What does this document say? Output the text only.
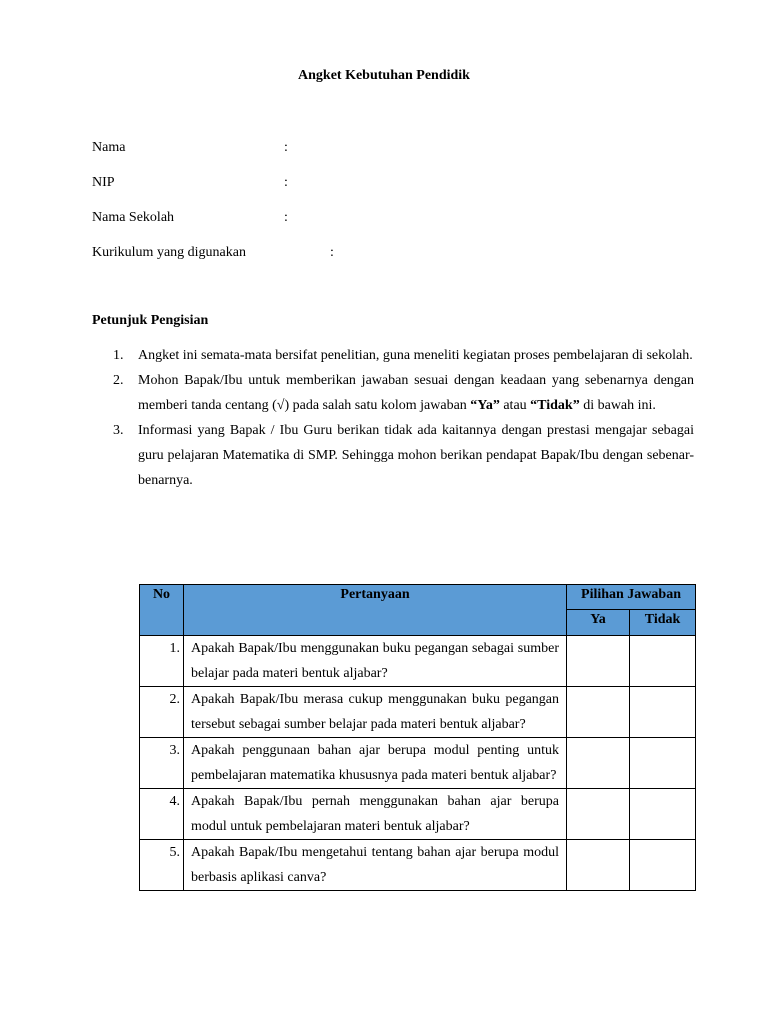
Angket Kebutuhan Pendidik
Nama	:
NIP	:
Nama Sekolah	:
Kurikulum yang digunakan	:
Petunjuk Pengisian
1. Angket ini semata-mata bersifat penelitian, guna meneliti kegiatan proses pembelajaran di sekolah.
2. Mohon Bapak/Ibu untuk memberikan jawaban sesuai dengan keadaan yang sebenarnya dengan memberi tanda centang (√) pada salah satu kolom jawaban “Ya” atau “Tidak” di bawah ini.
3. Informasi yang Bapak / Ibu Guru berikan tidak ada kaitannya dengan prestasi mengajar sebagai guru pelajaran Matematika di SMP. Sehingga mohon berikan pendapat Bapak/Ibu dengan sebenar-benarnya.
No	Pertanyaan	Pilihan Jawaban	
		Ya	Tidak
1.	Apakah Bapak/Ibu menggunakan buku pegangan sebagai sumber belajar pada materi bentuk aljabar?		
2.	Apakah Bapak/Ibu merasa cukup menggunakan buku pegangan tersebut sebagai sumber belajar pada materi bentuk aljabar?		
3.	Apakah penggunaan bahan ajar berupa modul penting untuk pembelajaran matematika khususnya pada materi bentuk aljabar?		
4.	Apakah Bapak/Ibu pernah menggunakan bahan ajar berupa modul untuk pembelajaran materi bentuk aljabar?		
5.	Apakah Bapak/Ibu mengetahui tentang bahan ajar berupa modul berbasis aplikasi canva?		
